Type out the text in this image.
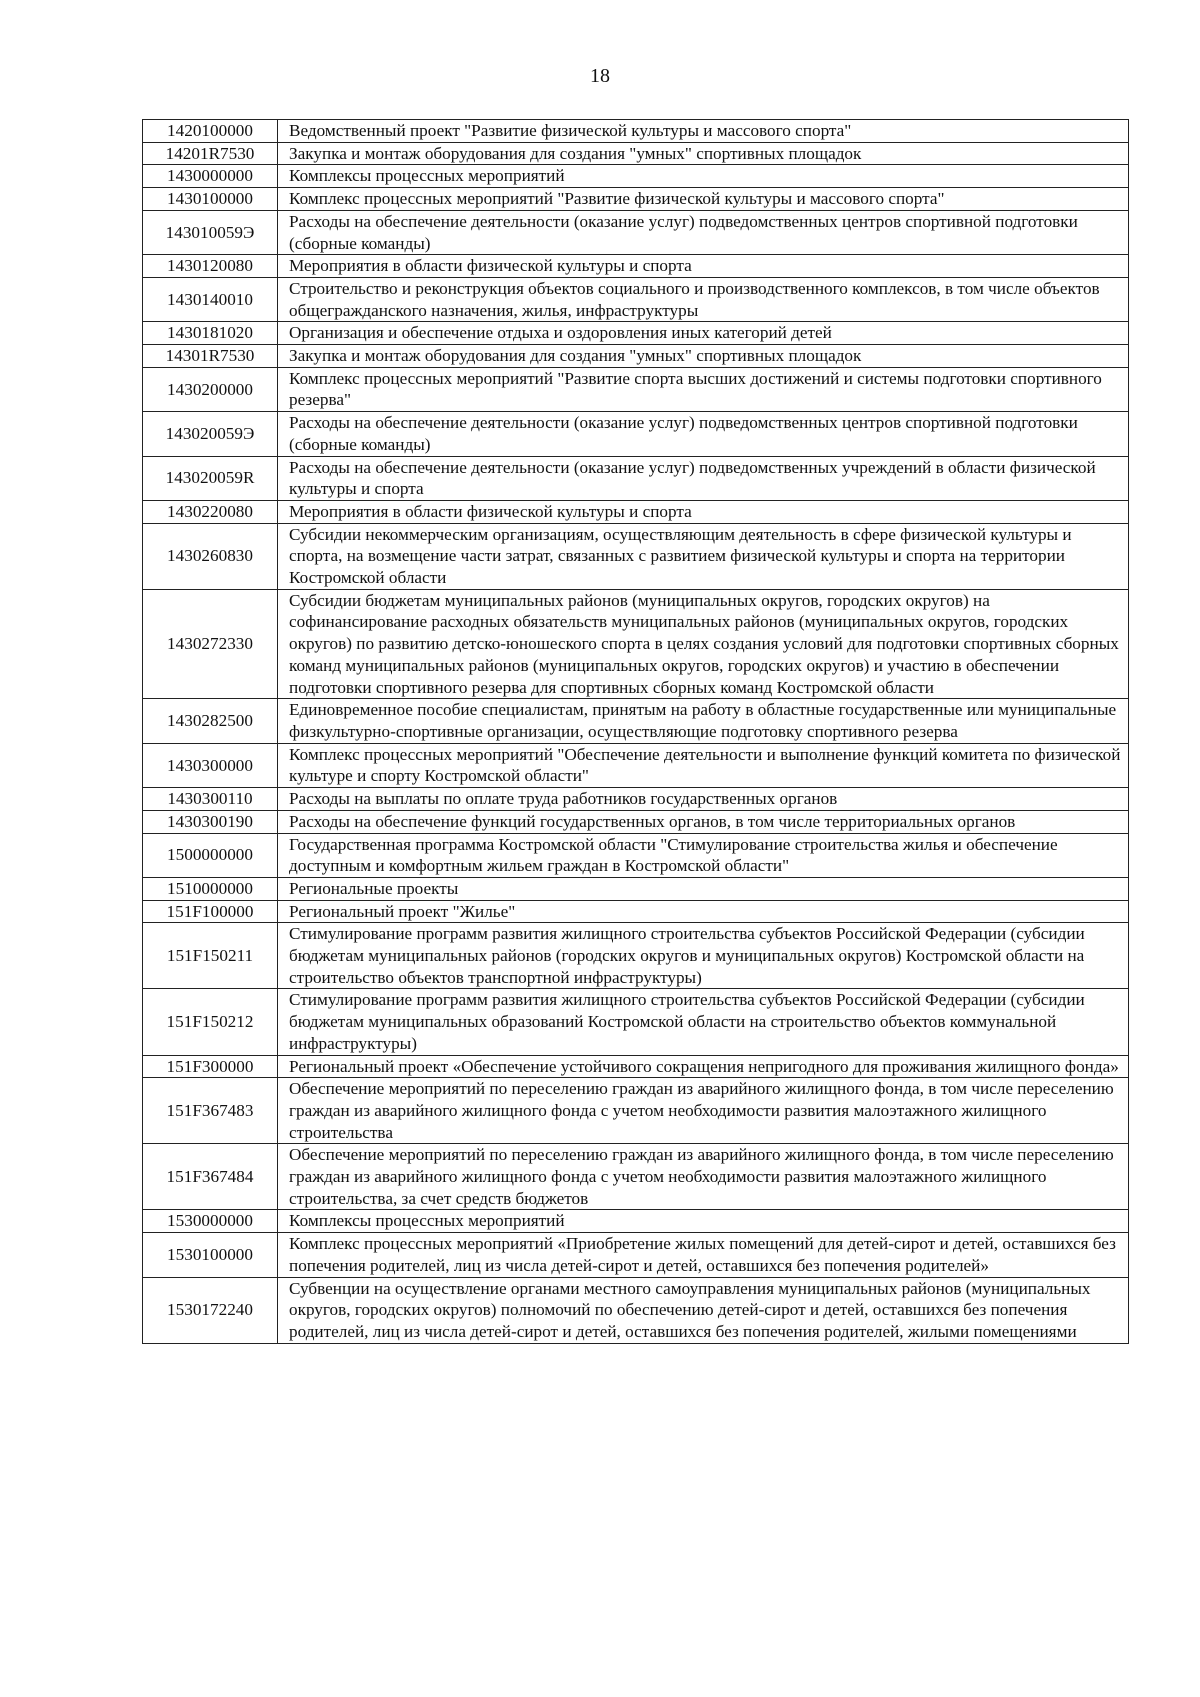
18
1420100000	Ведомственный проект "Развитие физической культуры и массового спорта"
14201R7530	Закупка и монтаж оборудования для создания "умных" спортивных площадок
1430000000	Комплексы процессных мероприятий
1430100000	Комплекс процессных мероприятий "Развитие физической культуры и массового спорта"
143010059Э	Расходы на обеспечение деятельности (оказание услуг) подведомственных центров спортивной подготовки (сборные команды)
1430120080	Мероприятия в области физической культуры и спорта
1430140010	Строительство и реконструкция объектов социального и производственного комплексов, в том числе объектов общегражданского назначения, жилья, инфраструктуры
1430181020	Организация и обеспечение отдыха и оздоровления иных категорий детей
14301R7530	Закупка и монтаж оборудования для создания "умных" спортивных площадок
1430200000	Комплекс процессных мероприятий "Развитие спорта высших достижений и системы подготовки спортивного резерва"
143020059Э	Расходы на обеспечение деятельности (оказание услуг) подведомственных центров спортивной подготовки (сборные команды)
143020059R	Расходы на обеспечение деятельности (оказание услуг) подведомственных учреждений в области физической культуры и спорта
1430220080	Мероприятия в области физической культуры и спорта
1430260830	Субсидии некоммерческим организациям, осуществляющим деятельность в сфере физической культуры и спорта, на возмещение части затрат, связанных с развитием физической культуры и спорта на территории Костромской области
1430272330	Субсидии бюджетам муниципальных районов (муниципальных округов, городских округов) на софинансирование расходных обязательств муниципальных районов (муниципальных округов, городских округов) по развитию детско-юношеского спорта в целях создания условий для подготовки спортивных сборных команд муниципальных районов (муниципальных округов, городских округов) и участию в обеспечении подготовки спортивного резерва для спортивных сборных команд Костромской области
1430282500	Единовременное пособие специалистам, принятым на работу в областные государственные или муниципальные физкультурно-спортивные организации, осуществляющие подготовку спортивного резерва
1430300000	Комплекс процессных мероприятий "Обеспечение деятельности и выполнение функций комитета по физической культуре и спорту Костромской области"
1430300110	Расходы на выплаты по оплате труда работников государственных органов
1430300190	Расходы на обеспечение функций государственных органов, в том числе территориальных органов
1500000000	Государственная программа Костромской области "Стимулирование строительства жилья и обеспечение доступным и комфортным жильем граждан в Костромской области"
1510000000	Региональные проекты
151F100000	Региональный проект "Жилье"
151F150211	Стимулирование программ развития жилищного строительства субъектов Российской Федерации (субсидии бюджетам муниципальных районов (городских округов и муниципальных округов) Костромской области на строительство объектов транспортной инфраструктуры)
151F150212	Стимулирование программ развития жилищного строительства субъектов Российской Федерации (субсидии бюджетам муниципальных образований Костромской области на строительство объектов коммунальной инфраструктуры)
151F300000	Региональный проект «Обеспечение устойчивого сокращения непригодного для проживания жилищного фонда»
151F367483	Обеспечение мероприятий по переселению граждан из аварийного жилищного фонда, в том числе переселению граждан из аварийного жилищного фонда с учетом необходимости развития малоэтажного жилищного строительства
151F367484	Обеспечение мероприятий по переселению граждан из аварийного жилищного фонда, в том числе переселению граждан из аварийного жилищного фонда с учетом необходимости развития малоэтажного жилищного строительства, за счет средств бюджетов
1530000000	Комплексы процессных мероприятий
1530100000	Комплекс процессных мероприятий «Приобретение жилых помещений для детей-сирот и детей, оставшихся без попечения родителей, лиц из числа детей-сирот и детей, оставшихся без попечения родителей»
1530172240	Субвенции на осуществление органами местного самоуправления муниципальных районов (муниципальных округов, городских округов) полномочий по обеспечению детей-сирот и детей, оставшихся без попечения родителей, лиц из числа детей-сирот и детей, оставшихся без попечения родителей, жилыми помещениями
